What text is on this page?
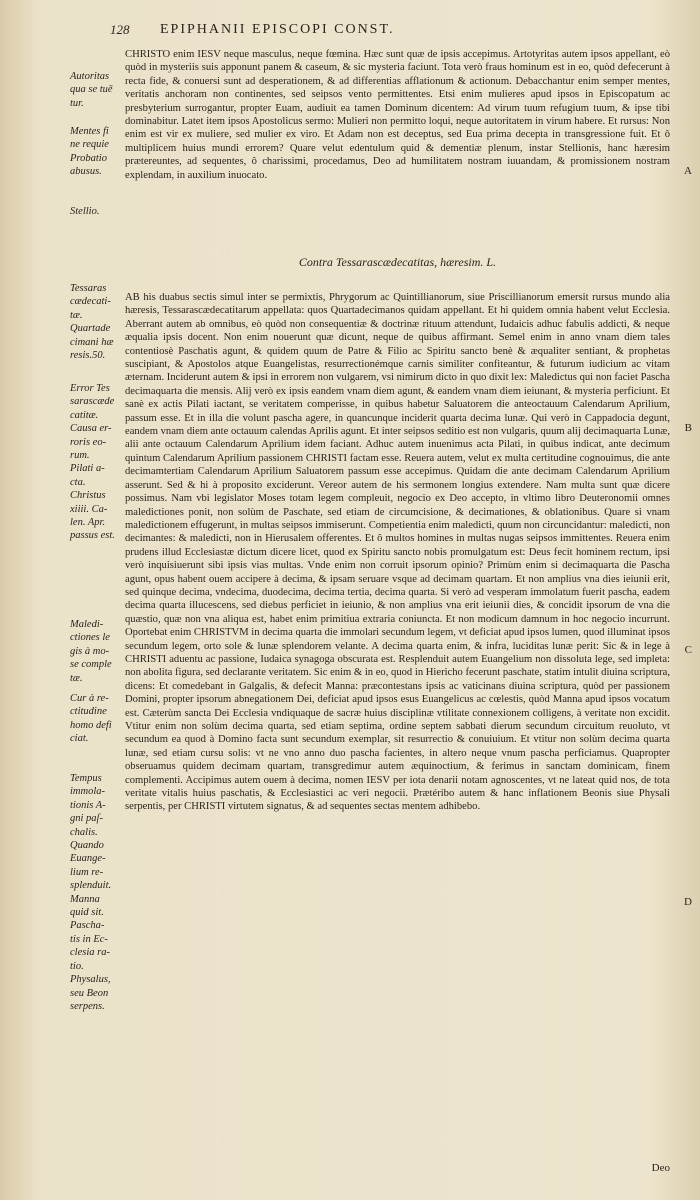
128 EPIPHANII EPISCOPI CONST.
Autoritas
qua se tuē
tur.
Mentes fi
ne requie
Probatio
abusus.
Stellio.
Tessaras
cædecati-
tæ.
Quartade
cimani hæ
resis.50.
Error Tes
sarascæde
catitæ.
Causa er-
roris eo-
rum.
Pilati a-
cta.
Christus
xiiii. Ca-
len. Apr.
passus est.
Maledi-
ctiones le
gis à mo-
se comple
tæ.
Cur à re-
ctitudine
homo defi
ciat.
Tempus
immola-
tionis A-
gni paſ-
chalis.
Quando
Euange-
lium re-
splenduit.
Manna
quid sit.
Pascha-
tis in Ec-
clesia ra-
tio.
Physalus,
seu Beon
serpens.

CHRISTO enim IESV neque masculus, neque fœmina. Hæc sunt quæ de ipsis accepimus. Artotyritas autem ipsos appellant, eò quòd in mysteriis suis apponunt panem & caseum, & sic mysteria faciunt. Tota verò fraus hominum est in eo, quòd defecerunt à recta fide, & conuersi sunt ad desperationem, & ad differentias afflationum & actionum. Debacchantur enim semper mentes, veritatis anchoram non continentes, sed seipsos vento permittentes. Etsi enim mulieres apud ipsos in Episcopatum ac presbyterium surrogantur, propter Euam, audiuit ea tamen Dominum dicentem: Ad virum tuum refugium tuum, & ipse tibi dominabitur. Latet item ipsos Apostolicus sermo: Mulieri non permitto loqui, neque autoritatem in virum habere. Et rursus: Non enim est vir ex muliere, sed mulier ex viro. Et Adam non est deceptus, sed Eua prima decepta in transgressione fuit. Et ô multiplicem huius mundi errorem? Quare velut edentulum quid & dementiæ plenum, instar Stellionis, hanc hæresim prætereuntes, ad sequentes, ô charissimi, procedamus, Deo ad humilitatem nostram iuuandam, & promissionem nostram explendam, in auxilium inuocato.

Contra Tessarascædecatitas, hæresim. L.

AB his duabus sectis simul inter se permixtis, Phrygorum ac Quintillianorum, siue Priscillianorum emersit rursus mundo alia hæresis, Tessarascædecatitarum appellata: quos Quartadecimanos quidam appellant. Et hi quidem omnia habent velut Ecclesia. Aberrant autem ab omnibus, eò quòd non consequentiæ & doctrinæ rituum attendunt, Iudaicis adhuc fabulis addicti, & neque æqualia ipsis docent. Non enim nouerunt quæ dicunt, neque de quibus affirmant. Semel enim in anno vnam diem tales contentiosè Paschatis agunt, & quidem quum de Patre & Filio ac Spiritu sancto benè & æqualiter sentiant, & prophetas suscipiant, & Apostolos atque Euangelistas, resurrectionémque carnis similiter confiteantur, & futurum iudicium ac vitam æternam. Inciderunt autem & ipsi in errorem non vulgarem, vsi nimirum dicto in quo dixit lex: Maledictus qui non faciet Pascha decimaquarta die mensis. Alij verò ex ipsis eandem vnam diem agunt, & eandem vnam diem ieiunant, & mysteria perficiunt. Et sanè ex actis Pilati iactant, se veritatem comperisse, in quibus habetur Saluatorem die anteoctauum Calendarum Aprilium, passum esse. Et in illa die volunt pascha agere, in quancunque inciderit quarta decima lunæ. Qui verò in Cappadocia degunt, eandem vnam diem ante octauum calendas Aprilis agunt. Et inter seipsos seditio est non vulgaris, quum alij decimaquarta Lunæ, alii ante octauum Calendarum Aprilium idem faciant. Adhuc autem inuenimus acta Pilati, in quibus indicat, ante decimum quintum Calendarum Aprilium passionem CHRISTI factam esse. Reuera autem, velut ex multa certitudine cognouimus, die ante decimamtertiam Calendarum Aprilium Saluatorem passum esse accepimus. Quidam die ante decimam Calendarum Aprilium asserunt. Sed & hi à proposito exciderunt. Vereor autem de his sermonem longius extendere. Nam multa sunt quæ dicere possimus. Nam vbi legislator Moses totam legem compleuit, negocio ex Deo accepto, in vltimo libro Deuteronomii omnes maledictiones ponit, non solùm de Paschate, sed etiam de circumcisione, & decimationes, & oblationibus. Quare si vnam maledictionem effugerunt, in multas seipsos immiserunt. Competientia enim maledicti, quum non circuncidantur: maledicti, non decimantes: & maledicti, non in Hierusalem offerentes. Et ô multos homines in multas nugas seipsos immittentes. Reuera enim prudens illud Ecclesiastæ dictum dicere licet, quod ex Spiritu sancto nobis promulgatum est: Deus fecit hominem rectum, ipsi verò inquisiuerunt sibi ipsis vias multas. Vnde enim non corruit ipsorum opinio? Primùm enim si decimaquarta die Pascha agunt, opus habent ouem accipere à decima, & ipsam seruare vsque ad decimam quartam. Et non amplius vna dies ieiunii erit, sed quinque decima, vndecima, duodecima, decima tertia, decima quarta. Si verò ad vesperam immolatum fuerit pascha, eadem decima quarta illucescens, sed diebus perficiet in ieiunio, & non amplius vna erit ieiunii dies, & concidit ipsorum de vna die quæstio, quæ non vna aliqua est, habet enim primitiua extraria coniuncta. Et non modicum damnum in hoc negocio incurrunt. Oportebat enim CHRISTVM in decima quarta die immolari secundum legem, vt deficiat apud ipsos lumen, quod illuminat ipsos secundum legem, orto sole & lunæ splendorem velante. A decima quarta enim, & infra, luciditas lunæ perit: Sic & in lege à CHRISTI aduentu ac passione, Iudaica synagoga obscurata est. Resplenduit autem Euangelium non dissoluta lege, sed impleta: non abolita figura, sed declarante veritatem. Sic enim & in eo, quod in Hiericho fecerunt paschate, statim intulit diuina scriptura, dicens: Et comedebant in Galgalis, & defecit Manna: præcontestans ipsis ac vaticinans diuina scriptura, quòd per passionem Domini, propter ipsorum abnegationem Dei, deficiat apud ipsos esus Euangelicus ac cœlestis, quòd Manna apud ipsos vocatum est. Cæterùm sancta Dei Ecclesia vndiquaque de sacræ huius disciplinæ vtilitate connexionem colligens, à veritate non excidit. Vtitur enim non solùm decima quarta, sed etiam septima, ordine septem sabbati dierum secundum circuitum reuoluto, vt secundum ea quod à Domino facta sunt secundum exemplar, sit resurrectio & conuiuium. Et vtitur non solùm decima quarta lunæ, sed etiam cursu solis: vt ne vno anno duo pascha facientes, in altero neque vnum pascha perficiamus. Quapropter obseruamus quidem decimam quartam, transgredimur autem æquinoctium, & ferimus in sanctam dominicam, finem complementi. Accipimus autem ouem à decima, nomen IESV per iota denarii notam agnoscentes, vt ne lateat quid nos, de tota veritate vitalis huius paschatis, & Ecclesiastici ac veri negocii. Prætéribo autem & hanc inflationem Beonis siue Physali serpentis, per CHRISTI virtutem signatus, & ad sequentes sectas mentem adhibebo.

A
B
C
D
Deo
